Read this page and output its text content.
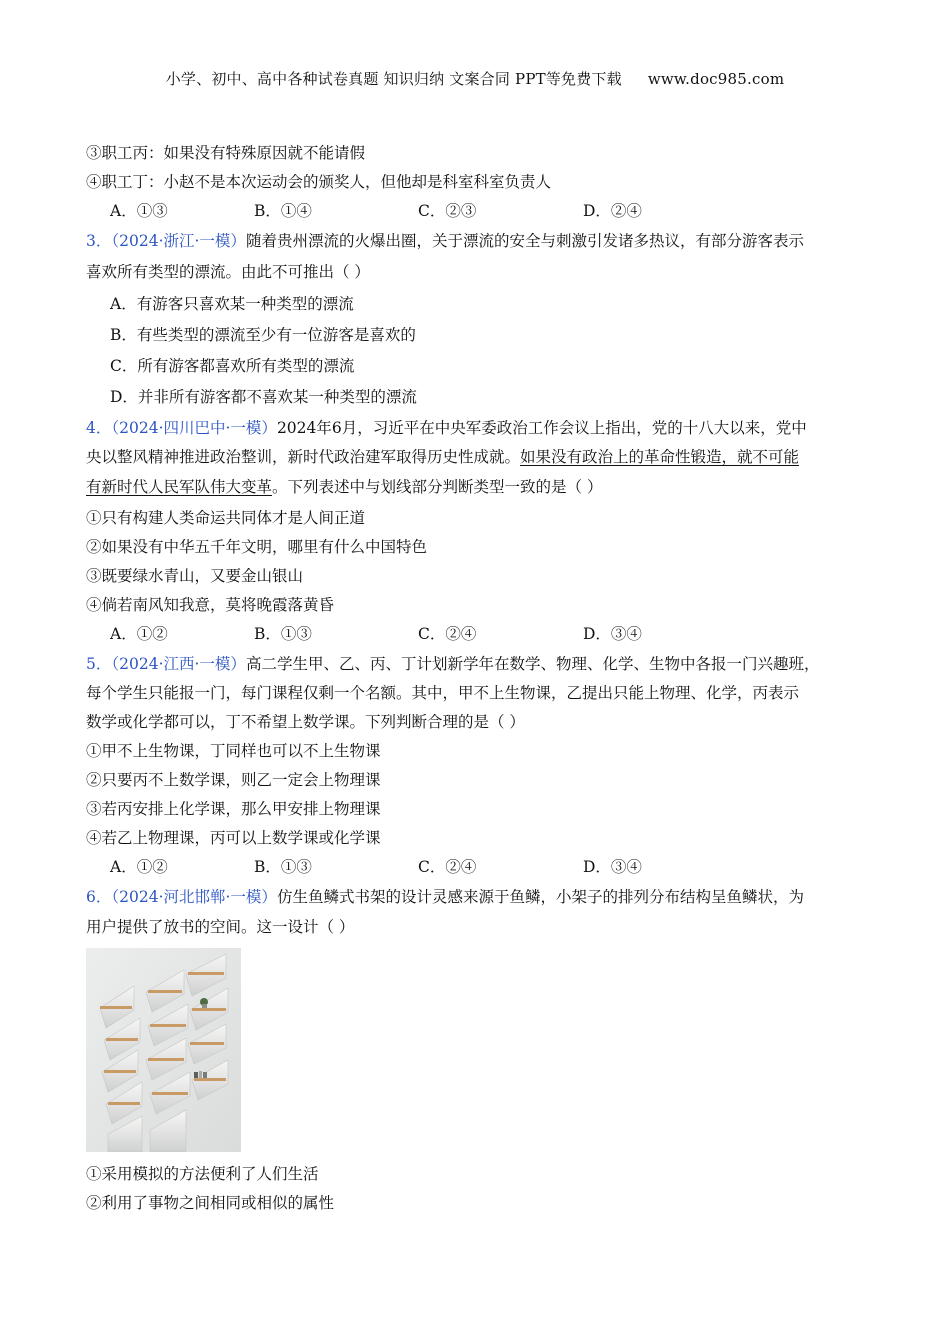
小学、初中、高中各种试卷真题 知识归纳 文案合同 PPT等免费下载 www.doc985.com
③职工丙：如果没有特殊原因就不能请假
④职工丁：小赵不是本次运动会的颁奖人，但他却是科室科室负责人
A．①③	B．①④	C．②③	D．②④
3．（2024·浙江·一模）随着贵州漂流的火爆出圈，关于漂流的安全与刺激引发诸多热议，有部分游客表示
喜欢所有类型的漂流。由此不可推出（ ）
A．有游客只喜欢某一种类型的漂流
B．有些类型的漂流至少有一位游客是喜欢的
C．所有游客都喜欢所有类型的漂流
D．并非所有游客都不喜欢某一种类型的漂流
4．（2024·四川巴中·一模）2024年6月，习近平在中央军委政治工作会议上指出，党的十八大以来，党中
央以整风精神推进政治整训，新时代政治建军取得历史性成就。如果没有政治上的革命性锻造，就不可能
有新时代人民军队伟大变革。下列表述中与划线部分判断类型一致的是（ ）
①只有构建人类命运共同体才是人间正道
②如果没有中华五千年文明，哪里有什么中国特色
③既要绿水青山，又要金山银山
④倘若南风知我意，莫将晚霞落黄昏
A．①②	B．①③	C．②④	D．③④
5．（2024·江西·一模）高二学生甲、乙、丙、丁计划新学年在数学、物理、化学、生物中各报一门兴趣班，
每个学生只能报一门，每门课程仅剩一个名额。其中，甲不上生物课，乙提出只能上物理、化学，丙表示
数学或化学都可以，丁不希望上数学课。下列判断合理的是（ ）
①甲不上生物课，丁同样也可以不上生物课
②只要丙不上数学课，则乙一定会上物理课
③若丙安排上化学课，那么甲安排上物理课
④若乙上物理课，丙可以上数学课或化学课
A．①②	B．①③	C．②④	D．③④
6．（2024·河北邯郸·一模）仿生鱼鳞式书架的设计灵感来源于鱼鳞，小架子的排列分布结构呈鱼鳞状，为
用户提供了放书的空间。这一设计（ ）
①采用模拟的方法便利了人们生活
②利用了事物之间相同或相似的属性
